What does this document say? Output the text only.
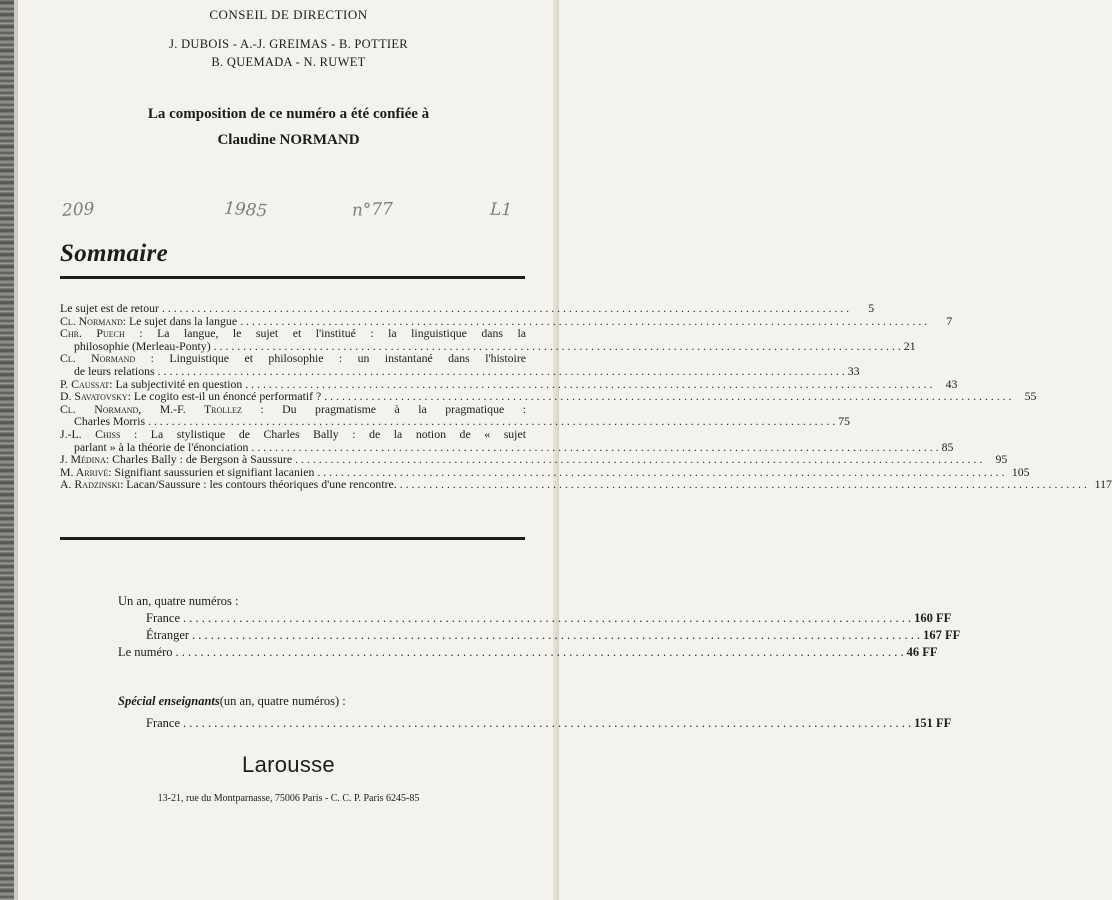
CONSEIL DE DIRECTION
J. DUBOIS - A.-J. GREIMAS - B. POTTIER
B. QUEMADA - N. RUWET
La composition de ce numéro a été confiée à
Claudine NORMAND
209	1985	n°77	L1
Sommaire
Le sujet est de retour . . .	5
Cl. Normand : Le sujet dans la langue . . .	7
Chr. Puech : La langue, le sujet et l'institué : la linguistique dans la
philosophie (Merleau-Ponty) . . .	21
Cl. Normand : Linguistique et philosophie : un instantané dans l'histoire
de leurs relations . . .	33
P. Caussat : La subjectivité en question . . .	43
D. Savatovsky : Le cogito est-il un énoncé performatif ? . . .	55
Cl. Normand, M.-F. Trollez : Du pragmatisme à la pragmatique :
Charles Morris . . .	75
J.-L. Chiss : La stylistique de Charles Bally : de la notion de « sujet
parlant » à la théorie de l'énonciation . . .	85
J. Médina : Charles Bally : de Bergson à Saussure . . .	95
M. Arrivé : Signifiant saussurien et signifiant lacanien . . .	105
A. Radzinski : Lacan/Saussure : les contours théoriques d'une rencontre. . . .	117
Un an, quatre numéros :
France . . .	160 FF
Étranger . . .	167 FF
Le numéro . . .	46 FF
Spécial enseignants (un an, quatre numéros) :
France . . .	151 FF
Larousse
13-21, rue du Montparnasse, 75006 Paris - C. C. P. Paris 6245-85
